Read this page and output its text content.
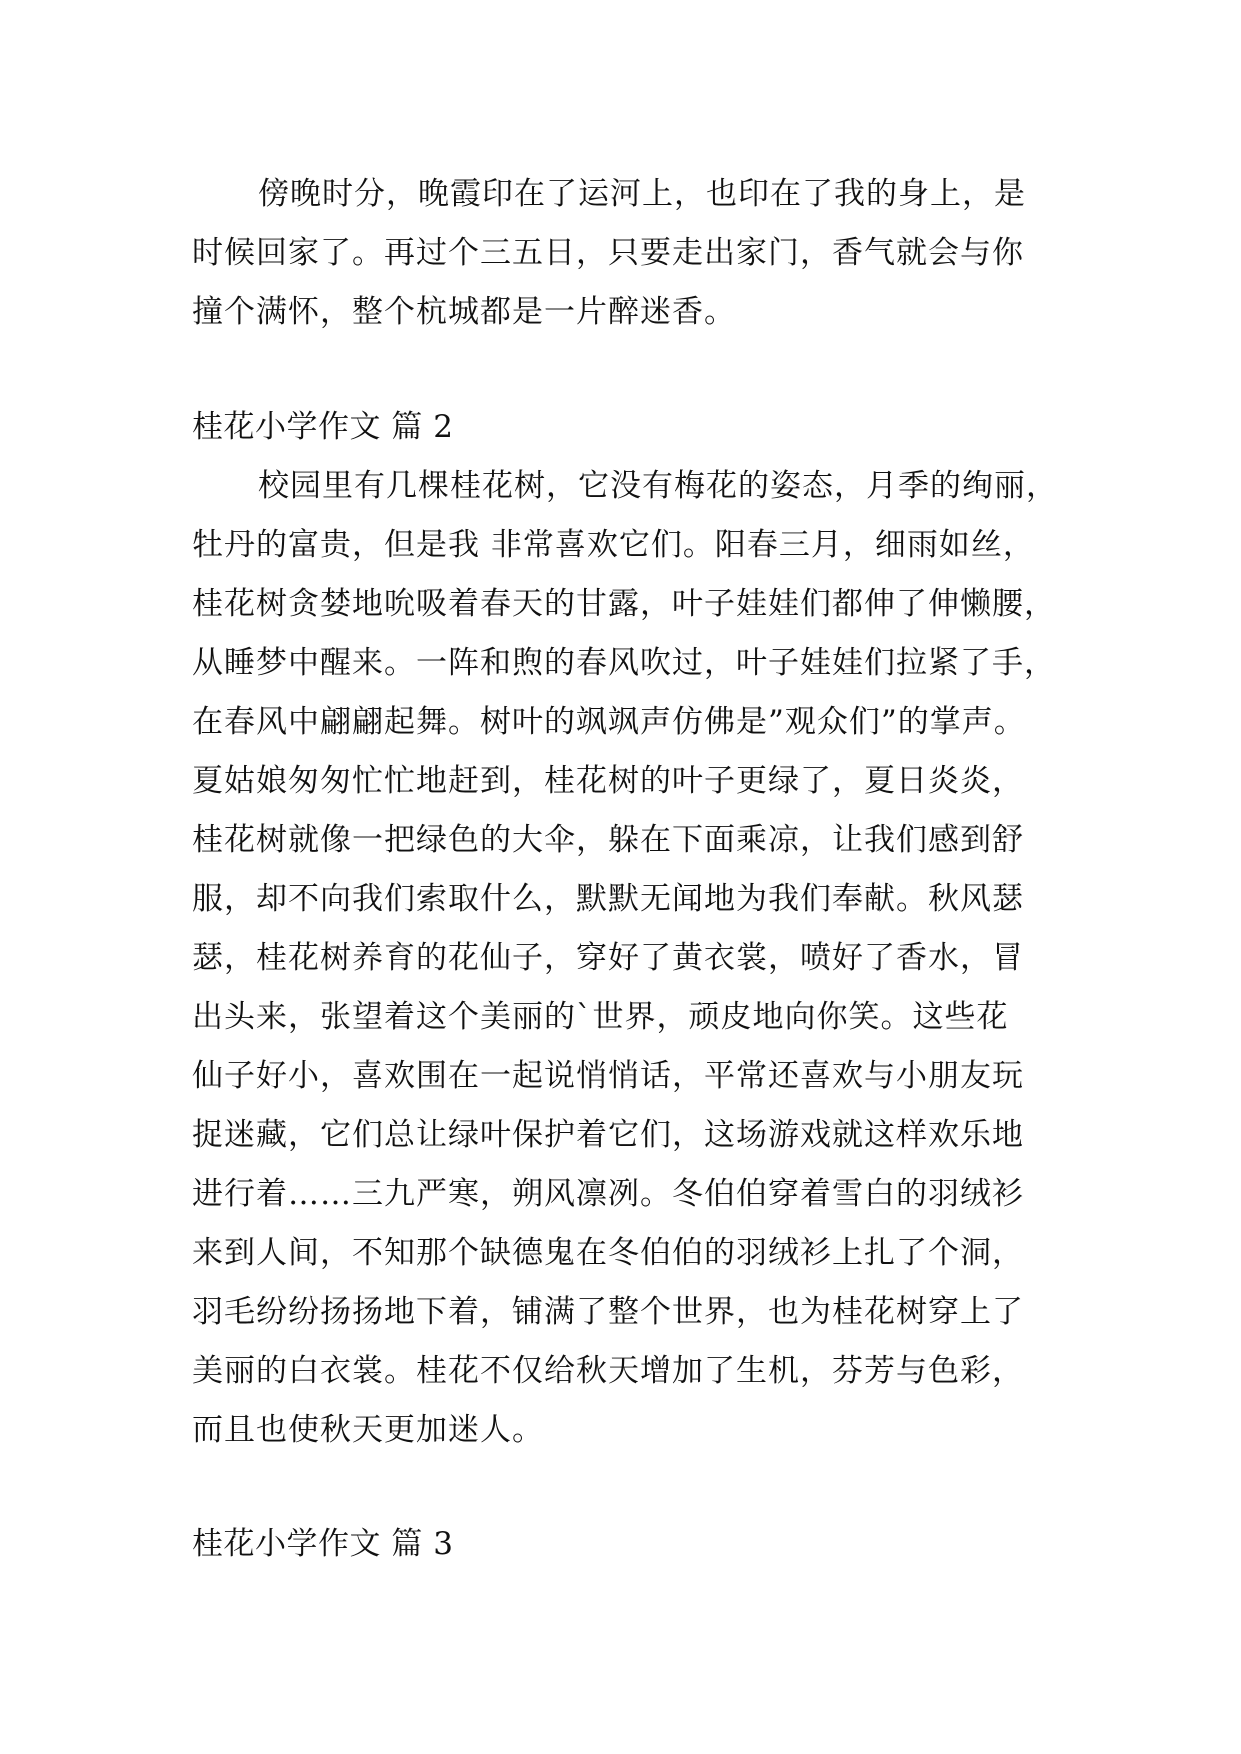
傍晚时分，晚霞印在了运河上，也印在了我的身上，是
时候回家了。再过个三五日，只要走出家门，香气就会与你
撞个满怀，整个杭城都是一片醉迷香。
桂花小学作文 篇 2
校园里有几棵桂花树，它没有梅花的姿态，月季的绚丽，
牡丹的富贵，但是我 非常喜欢它们。阳春三月，细雨如丝，
桂花树贪婪地吮吸着春天的甘露，叶子娃娃们都伸了伸懒腰，
从睡梦中醒来。一阵和煦的春风吹过，叶子娃娃们拉紧了手，
在春风中翩翩起舞。树叶的飒飒声仿佛是”观众们”的掌声。
夏姑娘匆匆忙忙地赶到，桂花树的叶子更绿了，夏日炎炎，
桂花树就像一把绿色的大伞，躲在下面乘凉，让我们感到舒
服，却不向我们索取什么，默默无闻地为我们奉献。秋风瑟
瑟，桂花树养育的花仙子，穿好了黄衣裳，喷好了香水，冒
出头来，张望着这个美丽的`世界，顽皮地向你笑。这些花
仙子好小，喜欢围在一起说悄悄话，平常还喜欢与小朋友玩
捉迷藏，它们总让绿叶保护着它们，这场游戏就这样欢乐地
进行着……三九严寒，朔风凛冽。冬伯伯穿着雪白的羽绒衫
来到人间，不知那个缺德鬼在冬伯伯的羽绒衫上扎了个洞，
羽毛纷纷扬扬地下着，铺满了整个世界，也为桂花树穿上了
美丽的白衣裳。桂花不仅给秋天增加了生机，芬芳与色彩，
而且也使秋天更加迷人。
桂花小学作文 篇 3
